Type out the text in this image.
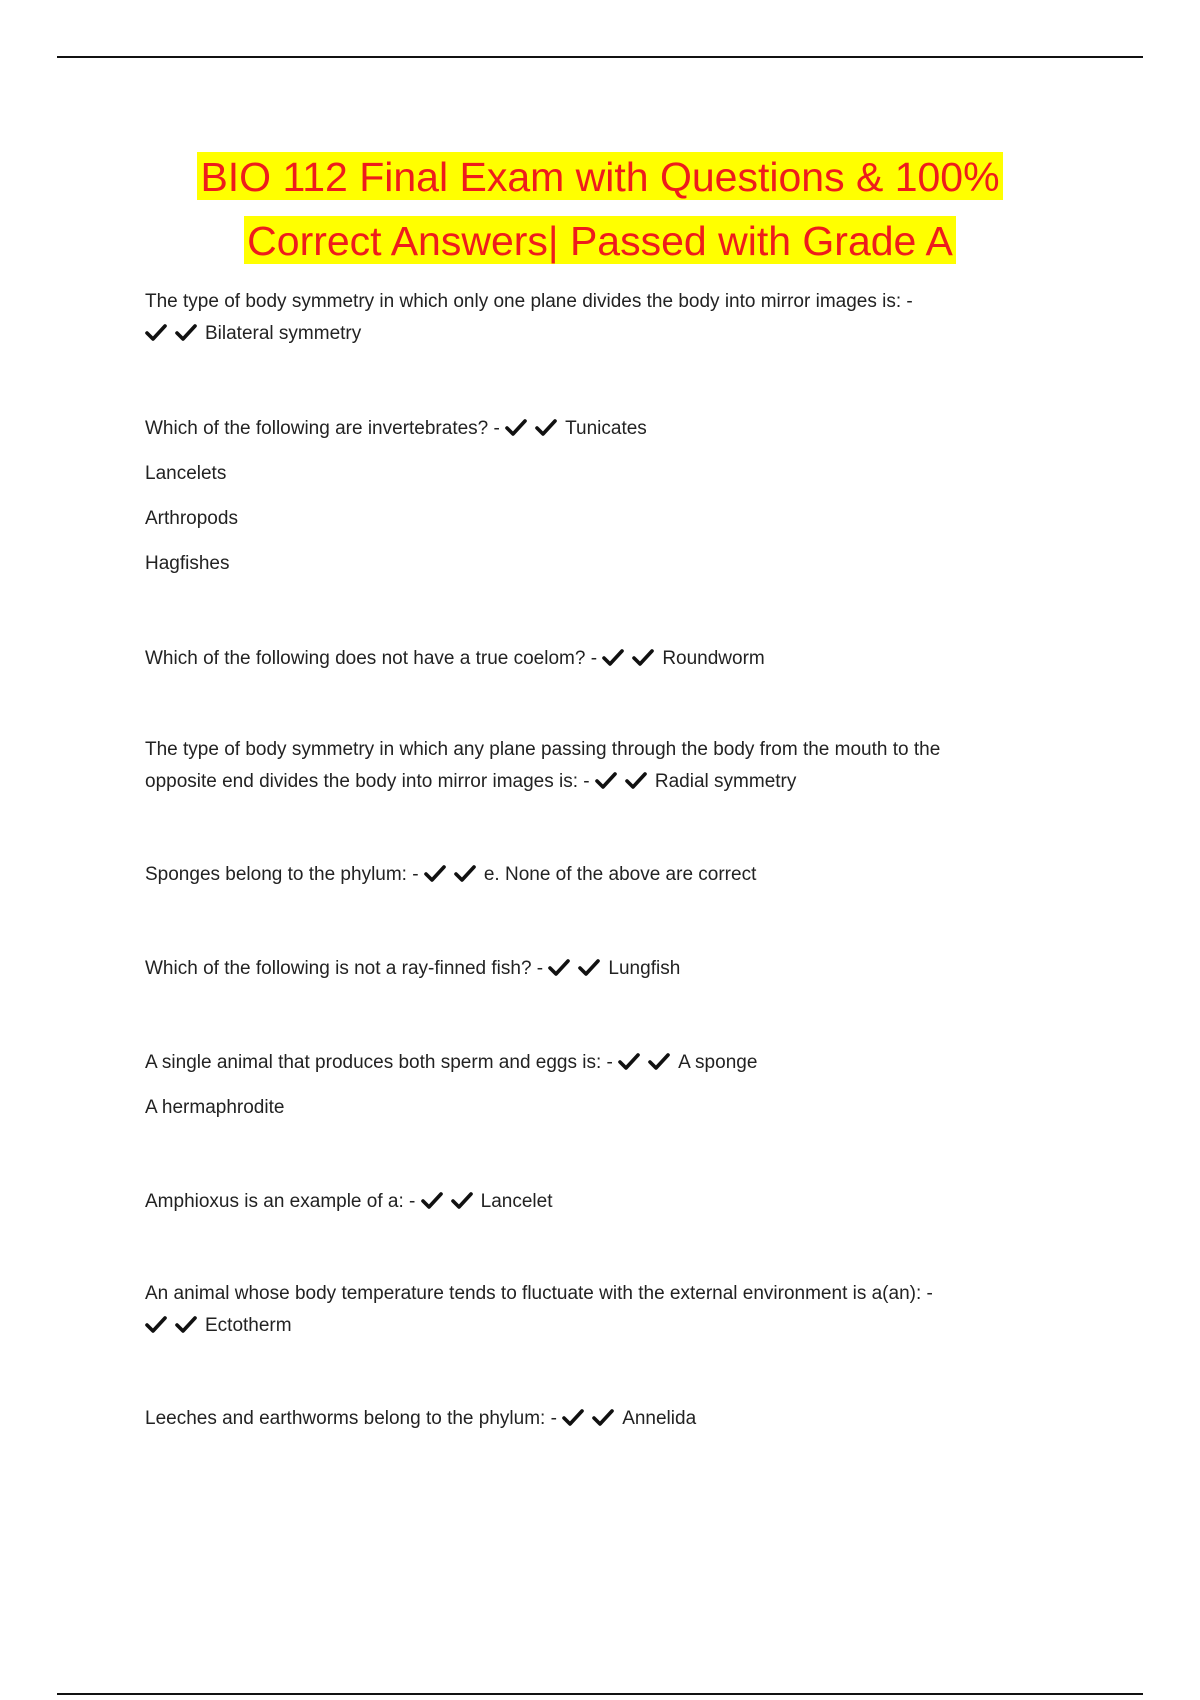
BIO 112 Final Exam with Questions & 100%
Correct Answers| Passed with Grade A
The type of body symmetry in which only one plane divides the body into mirror images is: -
Bilateral symmetry
Which of the following are invertebrates? -	Tunicates
Lancelets
Arthropods
Hagfishes
Which of the following does not have a true coelom? -	Roundworm
The type of body symmetry in which any plane passing through the body from the mouth to the
opposite end divides the body into mirror images is: -	Radial symmetry
Sponges belong to the phylum: -	e. None of the above are correct
Which of the following is not a ray-finned fish? -	Lungfish
A single animal that produces both sperm and eggs is: -	A sponge
A hermaphrodite
Amphioxus is an example of a: -	Lancelet
An animal whose body temperature tends to fluctuate with the external environment is a(an): -
Ectotherm
Leeches and earthworms belong to the phylum: -	Annelida
